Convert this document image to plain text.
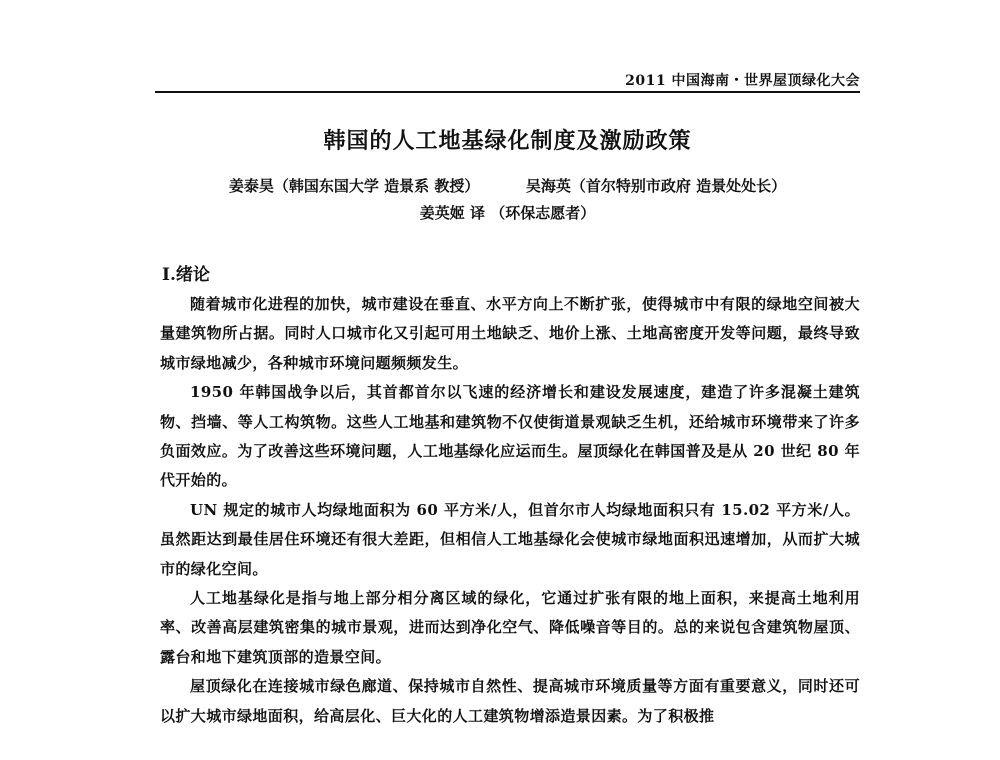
2011 中国海南・世界屋顶绿化大会
韩国的人工地基绿化制度及激励政策
姜泰昊（韩国东国大学 造景系 教授）	吴海英（首尔特别市政府 造景处处长）
姜英姬 译 （环保志愿者）
Ⅰ.绪论

随着城市化进程的加快，城市建设在垂直、水平方向上不断扩张，使得城市中有限的绿地空间被大量建筑物所占据。同时人口城市化又引起可用土地缺乏、地价上涨、土地高密度开发等问题，最终导致城市绿地减少，各种城市环境问题频频发生。

1950 年韩国战争以后，其首都首尔以飞速的经济增长和建设发展速度，建造了许多混凝土建筑物、挡墙、等人工构筑物。这些人工地基和建筑物不仅使街道景观缺乏生机，还给城市环境带来了许多负面效应。为了改善这些环境问题，人工地基绿化应运而生。屋顶绿化在韩国普及是从 20 世纪 80 年代开始的。

UN 规定的城市人均绿地面积为 60 平方米/人，但首尔市人均绿地面积只有 15.02 平方米/人。虽然距达到最佳居住环境还有很大差距，但相信人工地基绿化会使城市绿地面积迅速增加，从而扩大城市的绿化空间。

人工地基绿化是指与地上部分相分离区域的绿化，它通过扩张有限的地上面积，来提高土地利用率、改善高层建筑密集的城市景观，进而达到净化空气、降低噪音等目的。总的来说包含建筑物屋顶、露台和地下建筑顶部的造景空间。

屋顶绿化在连接城市绿色廊道、保持城市自然性、提高城市环境质量等方面有重要意义，同时还可以扩大城市绿地面积，给高层化、巨大化的人工建筑物增添造景因素。为了积极推
